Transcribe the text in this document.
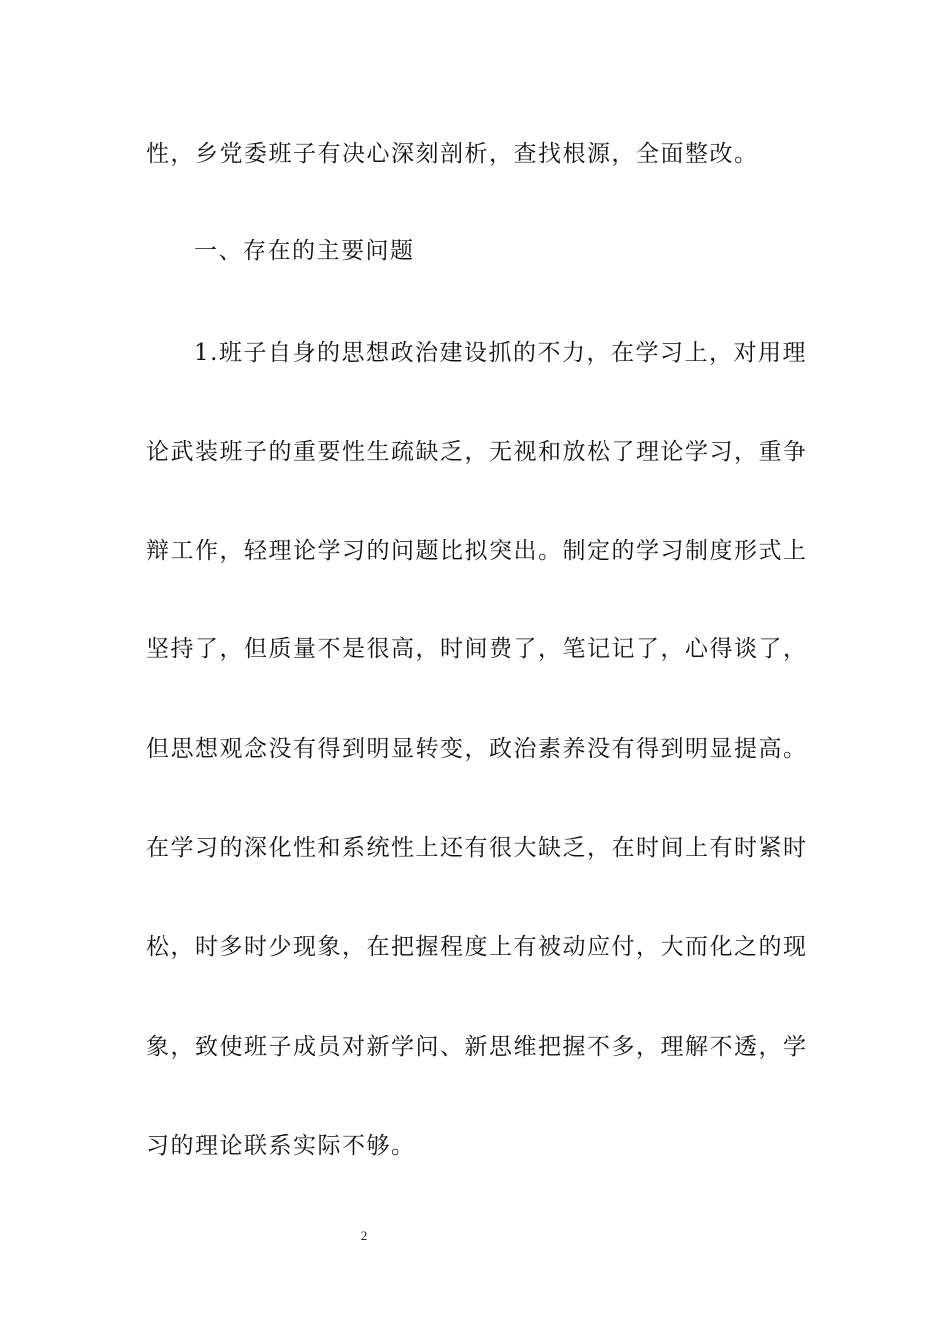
性，乡党委班子有决心深刻剖析，查找根源，全面整改。
一、存在的主要问题
1.班子自身的思想政治建设抓的不力，在学习上，对用理
论武装班子的重要性生疏缺乏，无视和放松了理论学习，重争
辩工作，轻理论学习的问题比拟突出。制定的学习制度形式上
坚持了，但质量不是很高，时间费了，笔记记了，心得谈了，
但思想观念没有得到明显转变，政治素养没有得到明显提高。
在学习的深化性和系统性上还有很大缺乏，在时间上有时紧时
松，时多时少现象，在把握程度上有被动应付，大而化之的现
象，致使班子成员对新学问、新思维把握不多，理解不透，学
习的理论联系实际不够。
2
